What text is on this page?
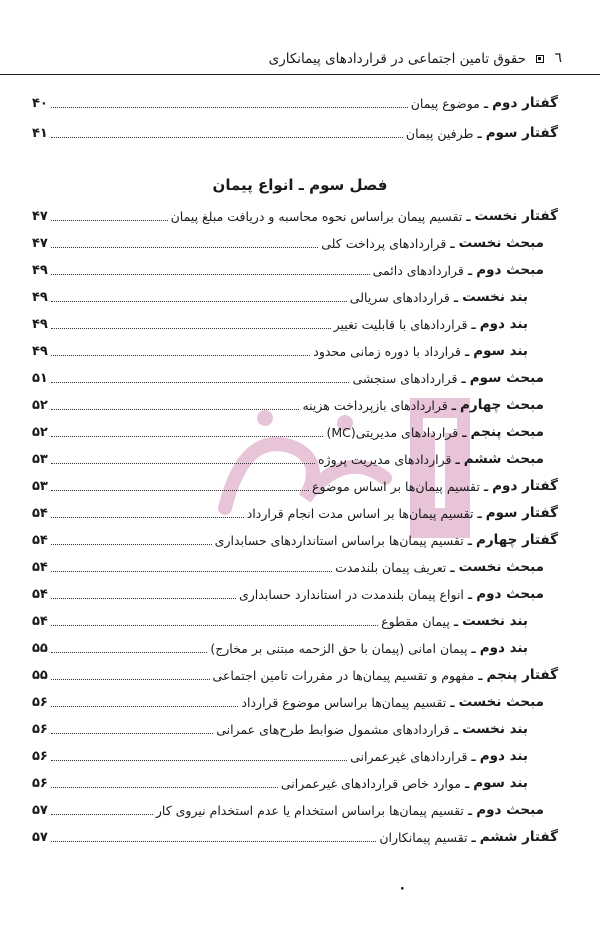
٦
حقوق تامین اجتماعی در قراردادهای پیمانکاری
گفتار دوم
ـ
موضوع پیمان
۴۰
گفتار سوم
ـ
طرفین پیمان
۴۱
فصل سوم ـ انواع پیمان
گفتار نخست
ـ
تقسیم پیمان براساس نحوه محاسبه و دریافت مبلغ پیمان
۴۷
مبحث نخست
ـ
قراردادهای پرداخت کلی
۴۷
مبحث دوم
ـ
قراردادهای دائمی
۴۹
بند نخست
ـ
قراردادهای سریالی
۴۹
بند دوم
ـ
قراردادهای با قابلیت تغییر
۴۹
بند سوم
ـ
قرارداد با دوره زمانی محدود
۴۹
مبحث سوم
ـ
قراردادهای سنجشی
۵۱
مبحث چهارم
ـ
قراردادهای بازپرداخت هزینه
۵۲
مبحث پنجم
ـ
قراردادهای مدیریتی(MC)
۵۲
مبحث ششم
ـ
قراردادهای مدیریت پروژه
۵۳
گفتار دوم
ـ
تقسیم پیمان‌ها بر اساس موضوع
۵۳
گفتار سوم
ـ
تقسیم پیمان‌ها بر اساس مدت انجام قرارداد
۵۴
گفتار چهارم
ـ
تقسیم پیمان‌ها براساس استانداردهای حسابداری
۵۴
مبحث نخست
ـ
تعریف پیمان بلندمدت
۵۴
مبحث دوم
ـ
انواع پیمان بلندمدت در استاندارد حسابداری
۵۴
بند نخست
ـ
پیمان مقطوع
۵۴
بند دوم
ـ
پیمان امانی (پیمان با حق الزحمه مبتنی بر مخارج)
۵۵
گفتار پنجم
ـ
مفهوم و تقسیم پیمان‌ها در مقررات تامین اجتماعی
۵۵
مبحث نخست
ـ
تقسیم پیمان‌ها براساس موضوع قرارداد
۵۶
بند نخست
ـ
قراردادهای مشمول ضوابط طرح‌های عمرانی
۵۶
بند دوم
ـ
قراردادهای غیرعمرانی
۵۶
بند سوم
ـ
موارد خاص قراردادهای غیرعمرانی
۵۶
مبحث دوم
ـ
تقسیم پیمان‌ها براساس استخدام یا عدم استخدام نیروی کار
۵۷
گفتار ششم
ـ
تقسیم پیمانکاران
۵۷
٠
